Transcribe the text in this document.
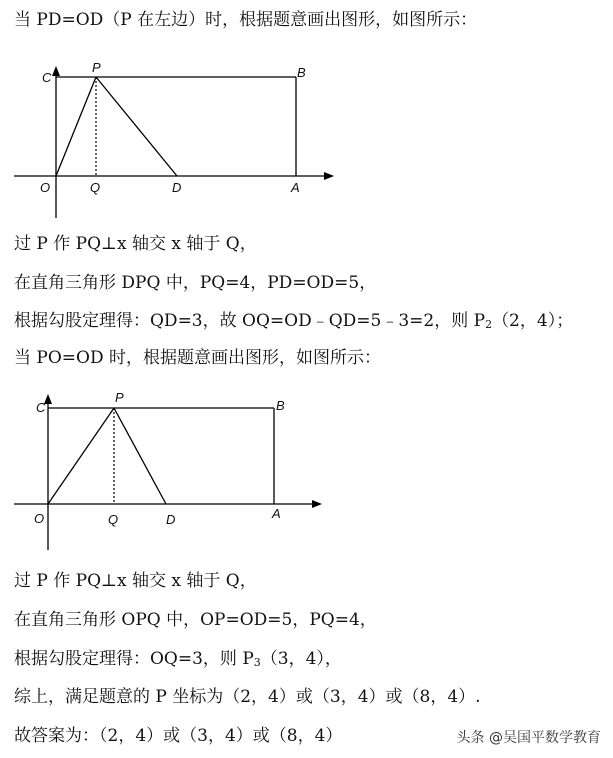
当 PD=OD（P 在左边）时，根据题意画出图形，如图所示：
C
P	B
O	Q	D	A
过 P 作 PQ⊥x 轴交 x 轴于 Q，
在直角三角形 DPQ 中，PQ=4，PD=OD=5，
根据勾股定理得：QD=3，故 OQ=OD﹣QD=5﹣3=2，则 $P_2(2$，4）；
当 PO=OD 时，根据题意画出图形，如图所示：
C
P
B
O	Q	D	A
过 P 作 PQ⊥x 轴交 x 轴于 Q，
在直角三角形 OPQ 中，OP=OD=5，PQ=4，
根据勾股定理得：OQ=3，则 $P_3(3$，4），
综上，满足题意的 P 坐标为（2，4）或（3，4）或（8，4）.
故答案为：（2，4）或（3，4）或（8，4）	头条 @吴国平数学教育
